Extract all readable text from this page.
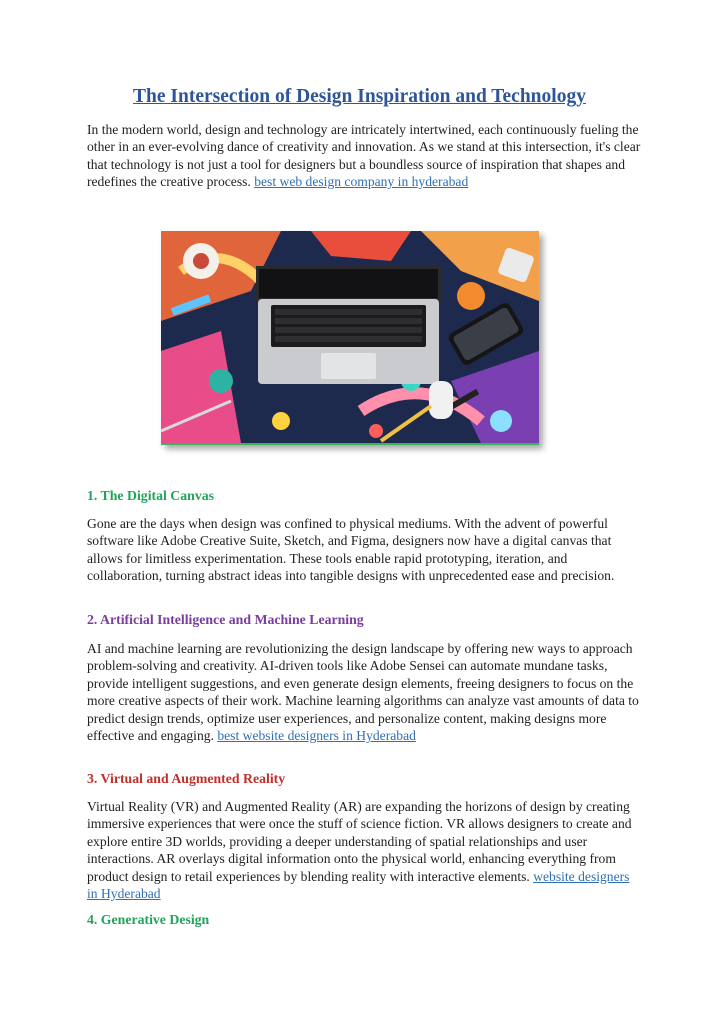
The Intersection of Design Inspiration and Technology

In the modern world, design and technology are intricately intertwined, each continuously fueling the other in an ever-evolving dance of creativity and innovation. As we stand at this intersection, it's clear that technology is not just a tool for designers but a boundless source of inspiration that shapes and redefines the creative process. best web design company in hyderabad

1. The Digital Canvas

Gone are the days when design was confined to physical mediums. With the advent of powerful software like Adobe Creative Suite, Sketch, and Figma, designers now have a digital canvas that allows for limitless experimentation. These tools enable rapid prototyping, iteration, and collaboration, turning abstract ideas into tangible designs with unprecedented ease and precision.

2. Artificial Intelligence and Machine Learning

AI and machine learning are revolutionizing the design landscape by offering new ways to approach problem-solving and creativity. AI-driven tools like Adobe Sensei can automate mundane tasks, provide intelligent suggestions, and even generate design elements, freeing designers to focus on the more creative aspects of their work. Machine learning algorithms can analyze vast amounts of data to predict design trends, optimize user experiences, and personalize content, making designs more effective and engaging. best website designers in Hyderabad

3. Virtual and Augmented Reality

Virtual Reality (VR) and Augmented Reality (AR) are expanding the horizons of design by creating immersive experiences that were once the stuff of science fiction. VR allows designers to create and explore entire 3D worlds, providing a deeper understanding of spatial relationships and user interactions. AR overlays digital information onto the physical world, enhancing everything from product design to retail experiences by blending reality with interactive elements. website designers in Hyderabad

4. Generative Design
